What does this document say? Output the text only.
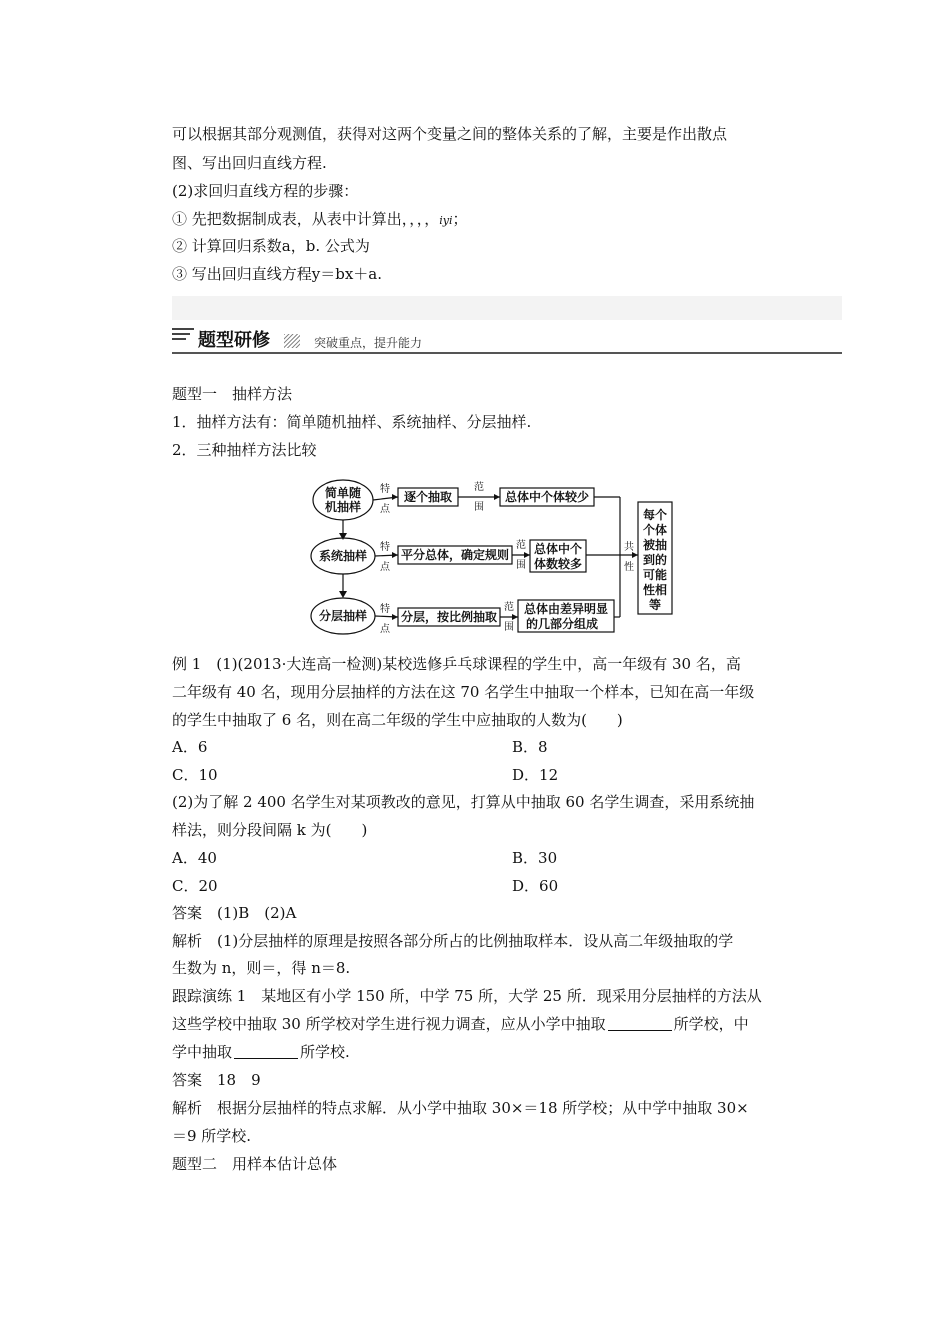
可以根据其部分观测值，获得对这两个变量之间的整体关系的了解，主要是作出散点
图、写出回归直线方程.
(2)求回归直线方程的步骤：
① 先把数据制成表，从表中计算出，，，，iyi；
② 计算回归系数a，b. 公式为
③ 写出回归直线方程y＝bx＋a.
题型研修	突破重点，提升能力
题型一　抽样方法
1．抽样方法有：简单随机抽样、系统抽样、分层抽样.
2．三种抽样方法比较
简单随
机抽样
系统抽样
分层抽样
特
点
特
点
特
点
范
围
范
围
范
围
共
性
逐个抽取
平分总体，确定规则
分层，按比例抽取
总体中个体较少
总体中个
体数较多
总体由差异明显
的几部分组成
每个
个体
被抽
到的
可能
性相
等
例 1　(1)(2013·大连高一检测)某校选修乒乓球课程的学生中，高一年级有 30 名，高
二年级有 40 名，现用分层抽样的方法在这 70 名学生中抽取一个样本，已知在高一年级
的学生中抽取了 6 名，则在高二年级的学生中应抽取的人数为(　　)
A．6	B．8
C．10	D．12
(2)为了解 2 400 名学生对某项教改的意见，打算从中抽取 60 名学生调查，采用系统抽
样法，则分段间隔 k 为(　　)
A．40	B．30
C．20	D．60
答案　(1)B　(2)A
解析　(1)分层抽样的原理是按照各部分所占的比例抽取样本．设从高二年级抽取的学
生数为 n，则＝，得 n＝8.
跟踪演练 1　某地区有小学 150 所，中学 75 所，大学 25 所．现采用分层抽样的方法从
这些学校中抽取 30 所学校对学生进行视力调查，应从小学中抽取	所学校，中
学中抽取	所学校.
答案　18　9
解析　根据分层抽样的特点求解．从小学中抽取 30×＝18 所学校；从中学中抽取 30×
＝9 所学校.
题型二　用样本估计总体
